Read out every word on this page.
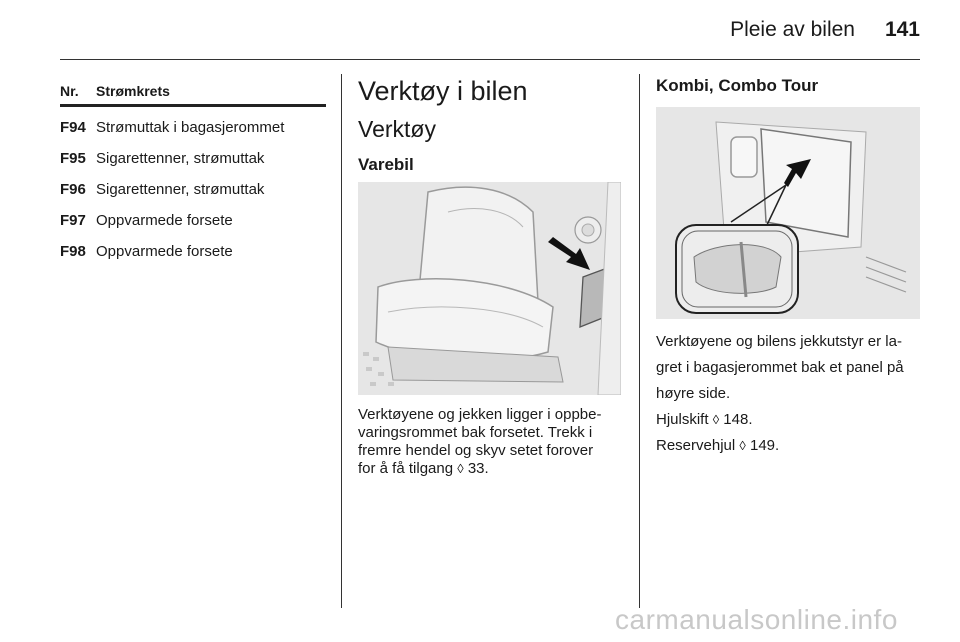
Pleie av bilen	141
Nr.	Strømkrets
F94 Strømuttak i bagasjerommet
F95 Sigarettenner, strømuttak
F96 Sigarettenner, strømuttak
F97 Oppvarmede forsete
F98 Oppvarmede forsete
Verktøy i bilen
Verktøy
Varebil

Verktøyene og jekken ligger i oppbe-

varingsrommet bak forsetet. Trekk i

fremre hendel og skyv setet forover

for å få tilgang ◊ 33.

Kombi, Combo Tour

Verktøyene og bilens jekkutstyr er la-

gret i bagasjerommet bak et panel på

høyre side.

Hjulskift ◊ 148.

Reservehjul ◊ 149.

carmanualsonline.info
